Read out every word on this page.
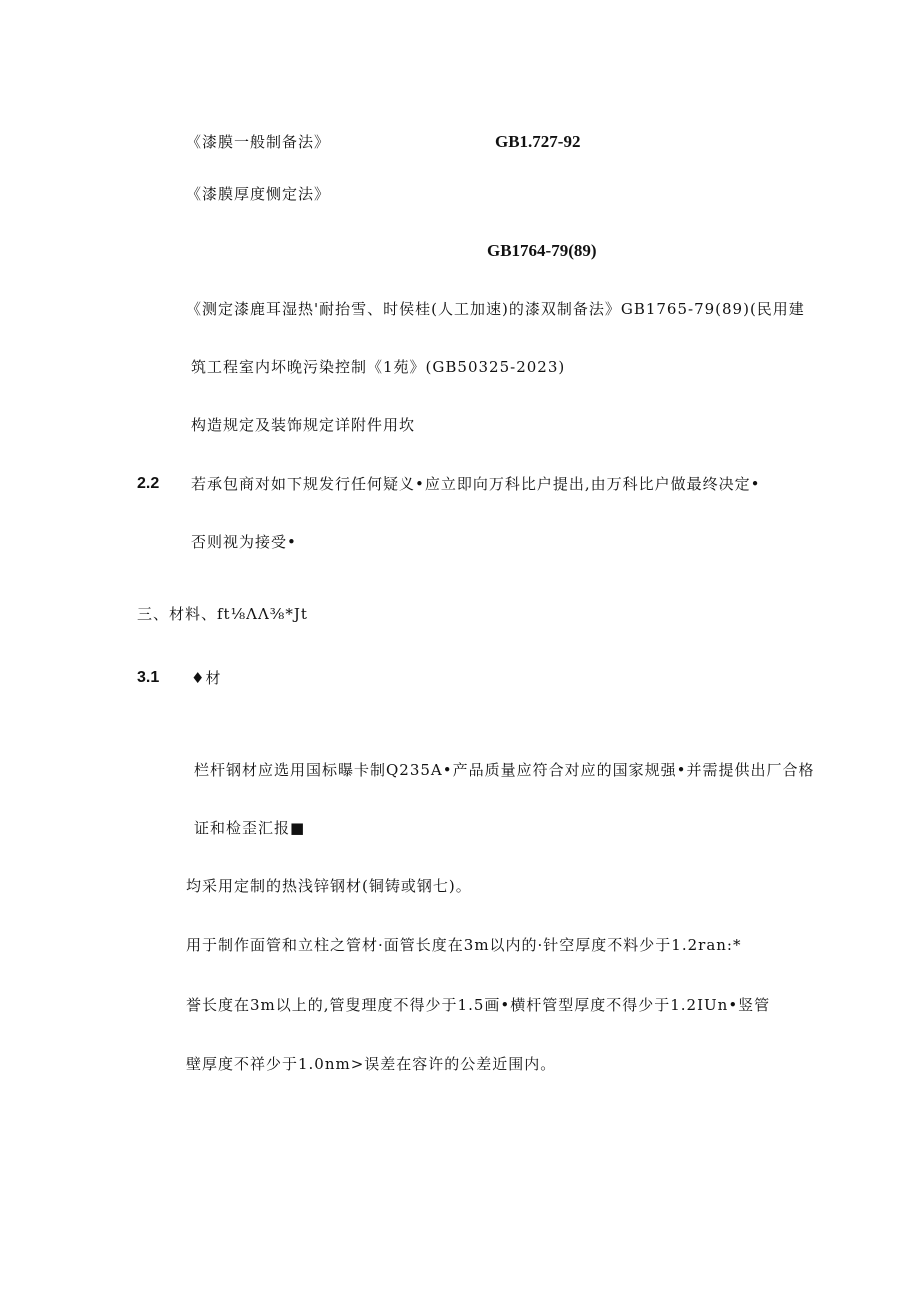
《漆膜一般制备法》	GB1.727-92
《漆膜厚度恻定法》
GB1764-79(89)
《测定漆鹿耳湿热'耐抬雪、时侯桂(人工加速)的漆双制备法》GB1765-79(89)(民用建
筑工程室内坏晚污染控制《1苑》(GB50325-2023)
构造规定及装饰规定详附件用坎
2.2 若承包商对如下规发行任何疑义•应立即向万科比户提出,由万科比户做最终决定•
否则视为接受•
三、材料、ft⅛ΛΛ⅜*Jt
3.1 ♦材
栏杆钢材应选用国标曝卡制Q235A•产品质量应符合对应的国家规强•并需提供出厂合格
证和检歪汇报■
均采用定制的热浅锌钢材(铜铸或钢七)。
用于制作面管和立柱之管材·面管长度在3m以内的·针空厚度不料少于1.2ran:*
誉长度在3m以上的,管叟理度不得少于1.5画•横杆管型厚度不得少于1.2IUn•竖管
壁厚度不祥少于1.0nm>误差在容许的公差近围内。
